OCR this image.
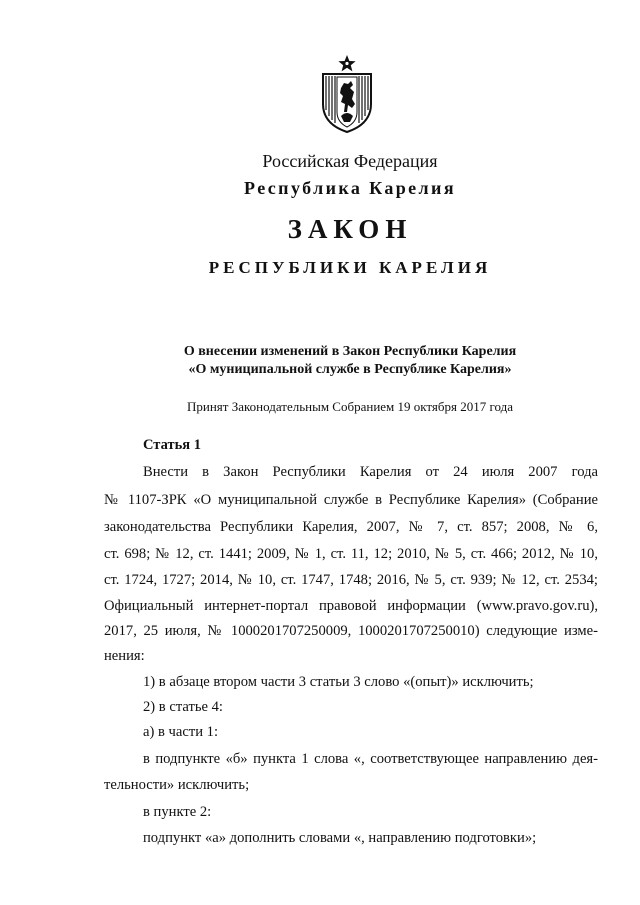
Российская Федерация
Республика Карелия
ЗАКОН
РЕСПУБЛИКИ КАРЕЛИЯ
О внесении изменений в Закон Республики Карелия
«О муниципальной службе в Республике Карелия»
Принят Законодательным Собранием 19 октября 2017 года
Статья 1
Внести в Закон Республики Карелия от 24 июля 2007 года
№ 1107-ЗРК «О муниципальной службе в Республике Карелия» (Собрание
законодательства Республики Карелия, 2007, № 7, ст. 857; 2008, № 6,
ст. 698; № 12, ст. 1441; 2009, № 1, ст. 11, 12; 2010, № 5, ст. 466; 2012, № 10,
ст. 1724, 1727; 2014, № 10, ст. 1747, 1748; 2016, № 5, ст. 939; № 12, ст. 2534;
Официальный интернет-портал правовой информации (www.pravo.gov.ru),
2017, 25 июля, № 1000201707250009, 1000201707250010) следующие изме-
нения:
1) в абзаце втором части 3 статьи 3 слово «(опыт)» исключить;
2) в статье 4:
а) в части 1:
в подпункте «б» пункта 1 слова «, соответствующее направлению дея-
тельности» исключить;
в пункте 2:
подпункт «а» дополнить словами «, направлению подготовки»;
